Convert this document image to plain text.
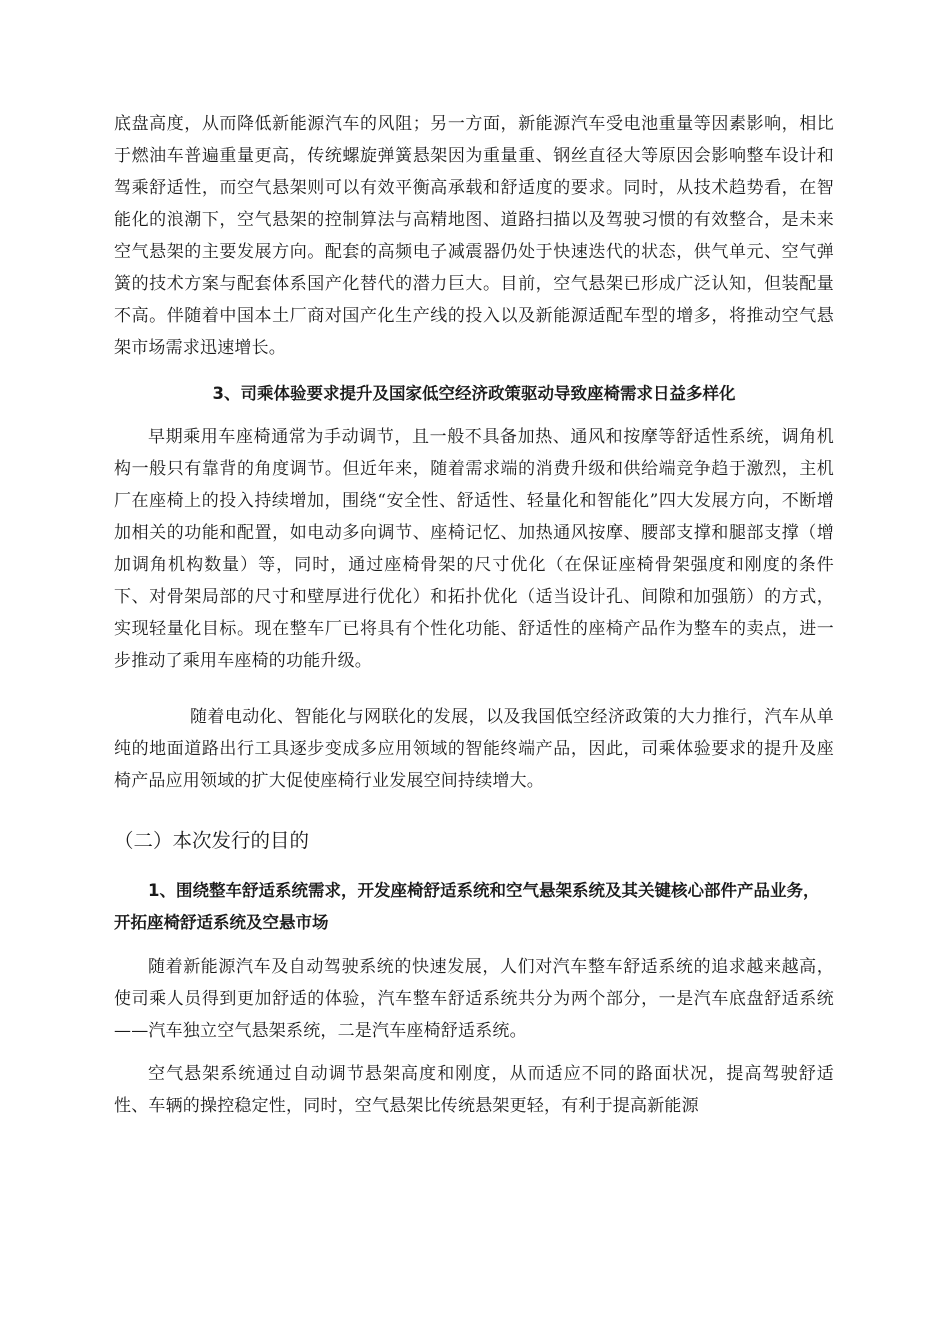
底盘高度，从而降低新能源汽车的风阻；另一方面，新能源汽车受电池重量等因素影响，相比于燃油车普遍重量更高，传统螺旋弹簧悬架因为重量重、钢丝直径大等原因会影响整车设计和驾乘舒适性，而空气悬架则可以有效平衡高承载和舒适度的要求。同时，从技术趋势看，在智能化的浪潮下，空气悬架的控制算法与高精地图、道路扫描以及驾驶习惯的有效整合，是未来空气悬架的主要发展方向。配套的高频电子减震器仍处于快速迭代的状态，供气单元、空气弹簧的技术方案与配套体系国产化替代的潜力巨大。目前，空气悬架已形成广泛认知，但装配量不高。伴随着中国本土厂商对国产化生产线的投入以及新能源适配车型的增多，将推动空气悬架市场需求迅速增长。

3、司乘体验要求提升及国家低空经济政策驱动导致座椅需求日益多样化

早期乘用车座椅通常为手动调节，且一般不具备加热、通风和按摩等舒适性系统，调角机构一般只有靠背的角度调节。但近年来，随着需求端的消费升级和供给端竞争趋于激烈，主机厂在座椅上的投入持续增加，围绕“安全性、舒适性、轻量化和智能化”四大发展方向，不断增加相关的功能和配置，如电动多向调节、座椅记忆、加热通风按摩、腰部支撑和腿部支撑（增加调角机构数量）等，同时，通过座椅骨架的尺寸优化（在保证座椅骨架强度和刚度的条件下、对骨架局部的尺寸和壁厚进行优化）和拓扑优化（适当设计孔、间隙和加强筋）的方式，实现轻量化目标。现在整车厂已将具有个性化功能、舒适性的座椅产品作为整车的卖点，进一步推动了乘用车座椅的功能升级。

随着电动化、智能化与网联化的发展，以及我国低空经济政策的大力推行，汽车从单纯的地面道路出行工具逐步变成多应用领域的智能终端产品，因此，司乘体验要求的提升及座椅产品应用领域的扩大促使座椅行业发展空间持续增大。

（二）本次发行的目的

1、围绕整车舒适系统需求，开发座椅舒适系统和空气悬架系统及其关键核心部件产品业务，开拓座椅舒适系统及空悬市场

随着新能源汽车及自动驾驶系统的快速发展，人们对汽车整车舒适系统的追求越来越高，使司乘人员得到更加舒适的体验，汽车整车舒适系统共分为两个部分，一是汽车底盘舒适系统——汽车独立空气悬架系统，二是汽车座椅舒适系统。

空气悬架系统通过自动调节悬架高度和刚度，从而适应不同的路面状况，提高驾驶舒适性、车辆的操控稳定性，同时，空气悬架比传统悬架更轻，有利于提高新能源
